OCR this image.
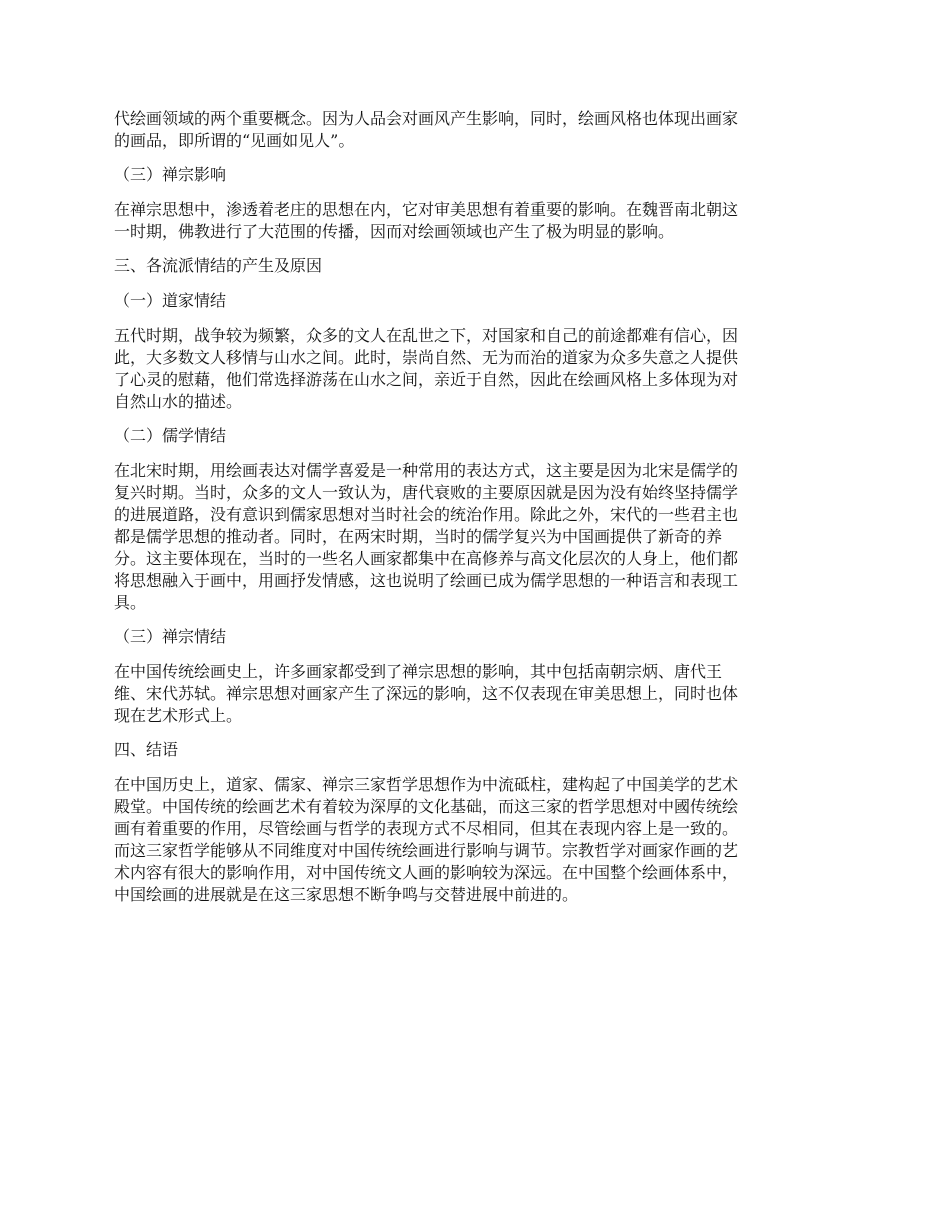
代绘画领域的两个重要概念。因为人品会对画风产生影响，同时，绘画风格也体现出画家
的画品，即所谓的“见画如见人”。
（三）禅宗影响
在禅宗思想中，渗透着老庄的思想在内，它对审美思想有着重要的影响。在魏晋南北朝这
一时期，佛教进行了大范围的传播，因而对绘画领域也产生了极为明显的影响。
三、各流派情结的产生及原因
（一）道家情结
五代时期，战争较为频繁，众多的文人在乱世之下，对国家和自己的前途都难有信心，因
此，大多数文人移情与山水之间。此时，崇尚自然、无为而治的道家为众多失意之人提供
了心灵的慰藉，他们常选择游荡在山水之间，亲近于自然，因此在绘画风格上多体现为对
自然山水的描述。
（二）儒学情结
在北宋时期，用绘画表达对儒学喜爱是一种常用的表达方式，这主要是因为北宋是儒学的
复兴时期。当时，众多的文人一致认为，唐代衰败的主要原因就是因为没有始终坚持儒学
的进展道路，没有意识到儒家思想对当时社会的统治作用。除此之外，宋代的一些君主也
都是儒学思想的推动者。同时，在两宋时期，当时的儒学复兴为中国画提供了新奇的养
分。这主要体现在，当时的一些名人画家都集中在高修养与高文化层次的人身上，他们都
将思想融入于画中，用画抒发情感，这也说明了绘画已成为儒学思想的一种语言和表现工
具。
（三）禅宗情结
在中国传统绘画史上，许多画家都受到了禅宗思想的影响，其中包括南朝宗炳、唐代王
维、宋代苏轼。禅宗思想对画家产生了深远的影响，这不仅表现在审美思想上，同时也体
现在艺术形式上。
四、结语
在中国历史上，道家、儒家、禅宗三家哲学思想作为中流砥柱，建构起了中国美学的艺术
殿堂。中国传统的绘画艺术有着较为深厚的文化基础，而这三家的哲学思想对中國传统绘
画有着重要的作用，尽管绘画与哲学的表现方式不尽相同，但其在表现内容上是一致的。
而这三家哲学能够从不同维度对中国传统绘画进行影响与调节。宗教哲学对画家作画的艺
术内容有很大的影响作用，对中国传统文人画的影响较为深远。在中国整个绘画体系中，
中国绘画的进展就是在这三家思想不断争鸣与交替进展中前进的。
